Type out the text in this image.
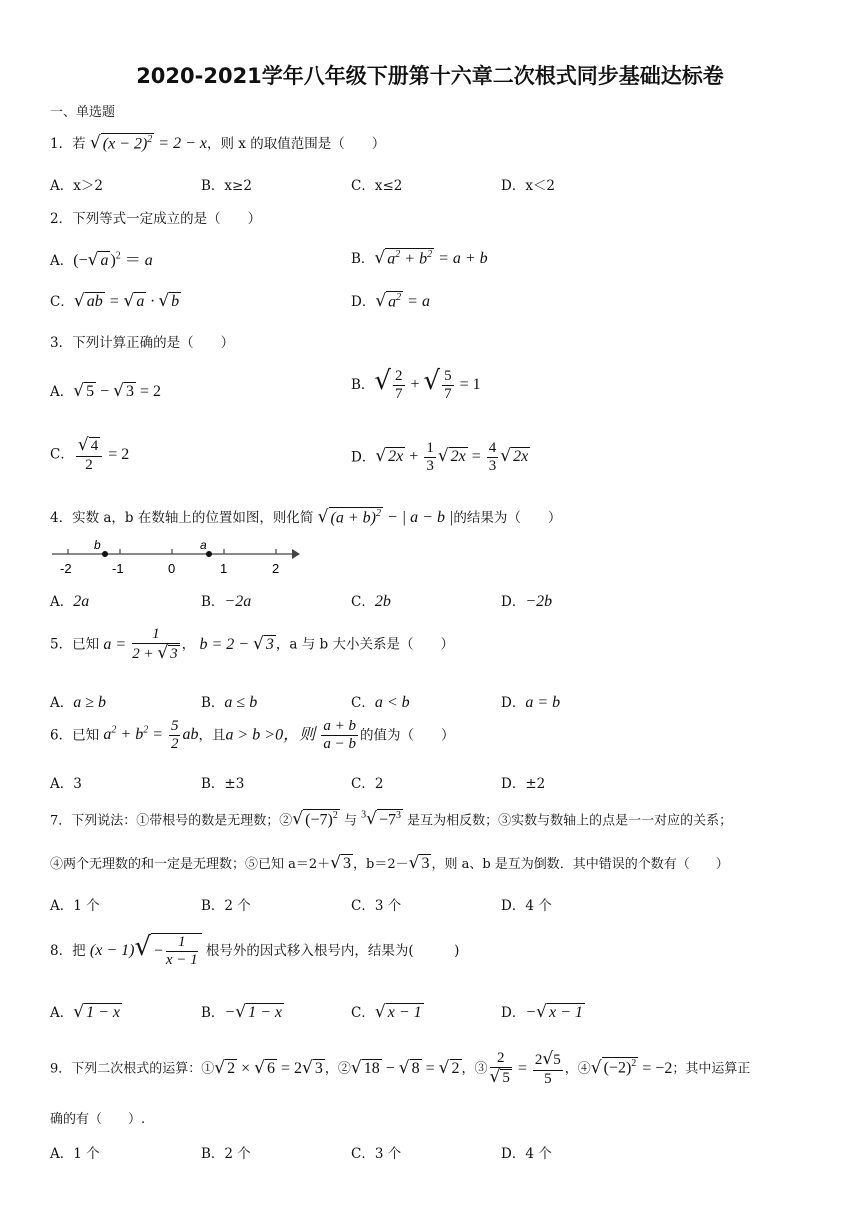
2020-2021学年八年级下册第十六章二次根式同步基础达标卷
一、单选题
1．若 √ $(x - 2)^2 = 2 - x$，则 x 的取值范围是（　　）
A．x＞2	B．x≥2	C．x≤2	D．x＜2
2．下列等式一定成立的是（　　）
A．(−√ a )$^2$ ＝ a	B．√ $a^2 + b^2 = a + b$
C．√ ab = √ a · √ b	D．√ $a^2 = a$
3．下列计算正确的是（　　）
A．√ 5 − √ 3 = 2	B．√ $\frac{2}{7}$ + √ $\frac{5}{7} = 1$
C． $\frac{√ 4}{2} = 2$	D．√ $2x + \frac{1}{3}$ √ $2x = \frac{4}{3}$ √ 2x
4．实数 a，b 在数轴上的位置如图，则化简 √ $(a + b)^2$ − | a − b |的结果为（　　）
b	a
-2	-1	0	1	2
A．2a	B．−2a	C．2b	D．−2b
5．已知 $a = \frac{1}{2 + √ 3}$ ， b = 2 − √ 3 ，a 与 b 大小关系是（　　）
A．a ≥ b	B．a ≤ b	C．a < b	D．a = b
6．已知 $a^2 + b^2 = \frac{5}{2}$ ab，且a > b >0，则 $\frac{a + b}{a - b}$ 的值为（　　）
A．3	B．±3	C．2	D．±2
7．下列说法：①带根号的数是无理数；②√ $(-7)^2$ 与 $^3√ -7^3$ 是互为相反数；③实数与数轴上的点是一一对应的关系；
④两个无理数的和一定是无理数；⑤已知 a＝2＋√ 3 ，b＝2－√ 3 ，则 a、b 是互为倒数．其中错误的个数有（　　）
A．1 个	B．2 个	C．3 个	D．4 个
8．把 $(x - 1)√ - \frac{1}{x - 1}$ 根号外的因式移入根号内，结果为(　　　)
A．√ 1 − x	B．−√ 1 − x	C．√ x − 1	D．−√ x − 1
9．下列二次根式的运算：①√ 2 × √ 6 = 2√ 3 ，②√ 18 − √ 8 = √ 2 ，③ $\frac{2}{√ 5} = \frac{2√5}{5}$ ，④√ $(-2)^2 = -2$；其中运算正
确的有（　　）.
A．1 个	B．2 个	C．3 个	D．4 个
